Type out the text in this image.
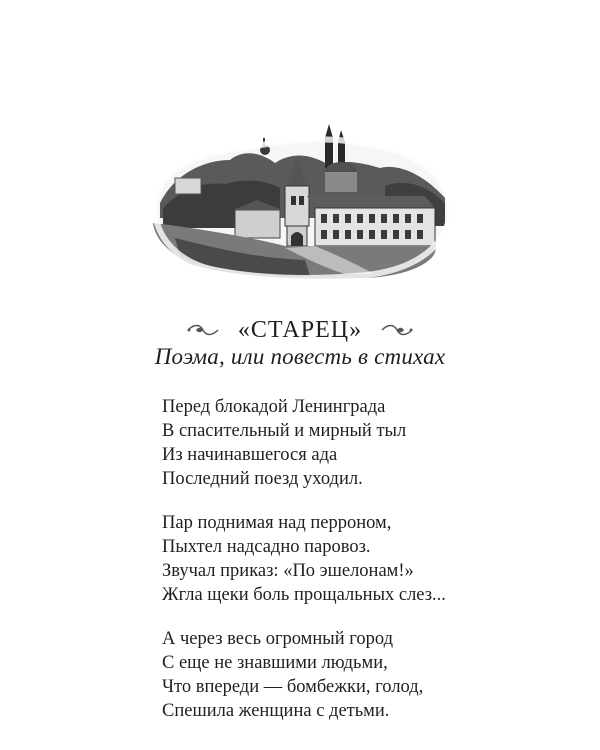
«СТАРЕЦ»
Поэма, или повесть в стихах
Перед блокадой Ленинграда
В спасительный и мирный тыл
Из начинавшегося ада
Последний поезд уходил.
Пар поднимая над перроном,
Пыхтел надсадно паровоз.
Звучал приказ: «По эшелонам!»
Жгла щеки боль прощальных слез...
А через весь огромный город
С еще не знавшими людьми,
Что впереди — бомбежки, голод,
Спешила женщина с детьми.
